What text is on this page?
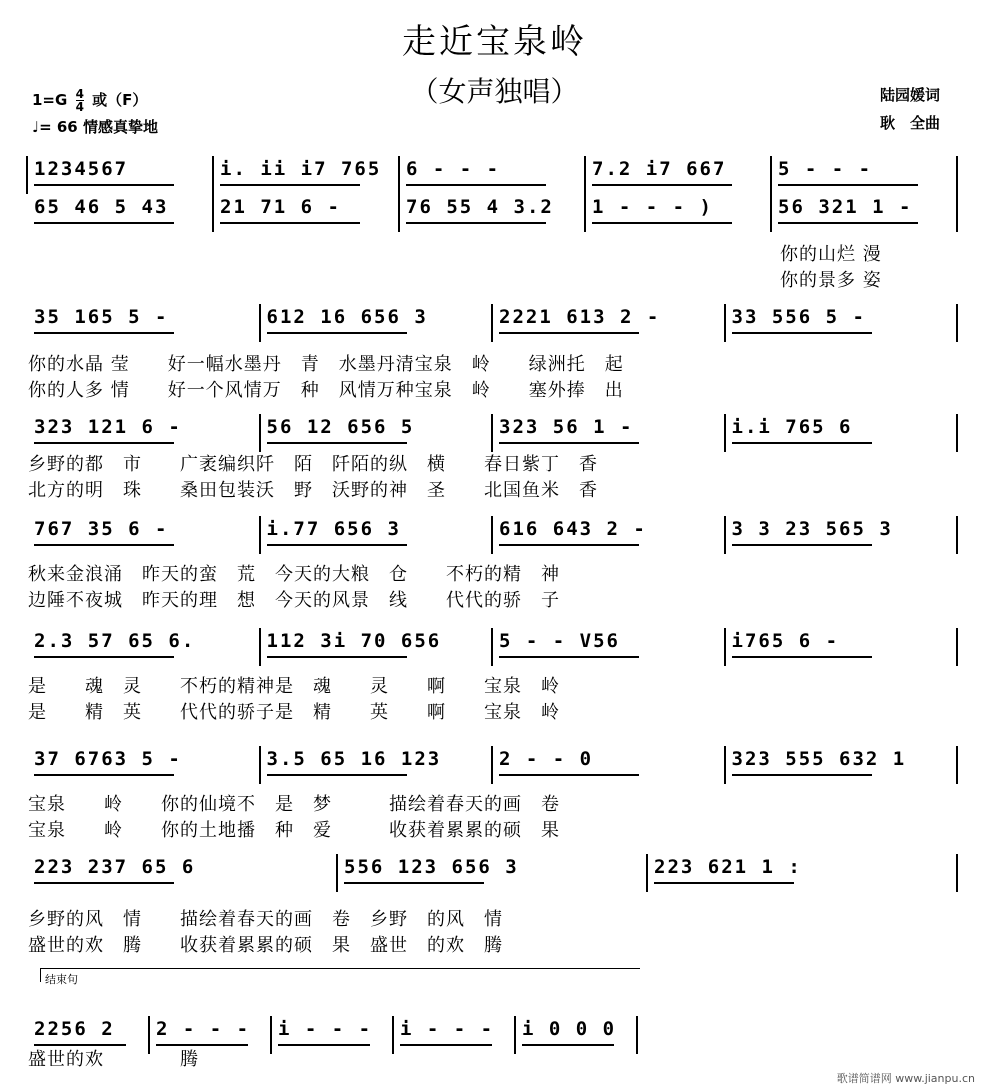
走近宝泉岭
（女声独唱）
$1=G \frac{4}{4}$ 或（F）
♩= 66 情感真挚地
陆园媛词
耿　全曲
1234567	i. ii i7 765	6 - - -	7.2 i7 667	5 - - -
65 46 5 43	21 71 6 -	76 55 4 3.2	1 - - - )	56 321 1 -
你的山烂 漫
你的景多 姿
35 165 5 -	612 16 656 3	2221 613 2 -	33 556 5 -
你的水晶 莹　　好一幅水墨丹　青　水墨丹清宝泉　岭　　绿洲托　起
你的人多 情　　好一个风情万　种　风情万种宝泉　岭　　塞外捧　出
323 121 6 -	56 12 656 5	323 56 1 -	i.i 765 6
乡野的都　市　　广袤编织阡　陌　阡陌的纵　横　　春日紫丁　香
北方的明　珠　　桑田包装沃　野　沃野的神　圣　　北国鱼米　香
767 35 6 -	i.77 656 3	616 643 2 -	3 3 23 565 3
秋来金浪涌　昨天的蛮　荒　今天的大粮　仓　　不朽的精　神
边陲不夜城　昨天的理　想　今天的风景　线　　代代的骄　子
2.3 57 65 6.	112 3i 70 656	5 - - V56	i765 6 -
是　　魂　灵　　不朽的精神是　魂　　灵　　啊　　宝泉　岭
是　　精　英　　代代的骄子是　精　　英　　啊　　宝泉　岭
37 6763 5 -	3.5 65 16 123	2 - - 0	323 555 632 1
宝泉　　岭　　你的仙境不　是　梦　　　描绘着春天的画　卷
宝泉　　岭　　你的土地播　种　爱　　　收获着累累的硕　果
223 237 65 6	556 123 656 3	223 621 1 :
乡野的风　情　　描绘着春天的画　卷　乡野　的风　情
盛世的欢　腾　　收获着累累的硕　果　盛世　的欢　腾
2256 2	2 - - -	i - - -	i - - -	i 0 0 0
盛世的欢　　　　腾
结束句
歌谱简谱网 www.jianpu.cn
